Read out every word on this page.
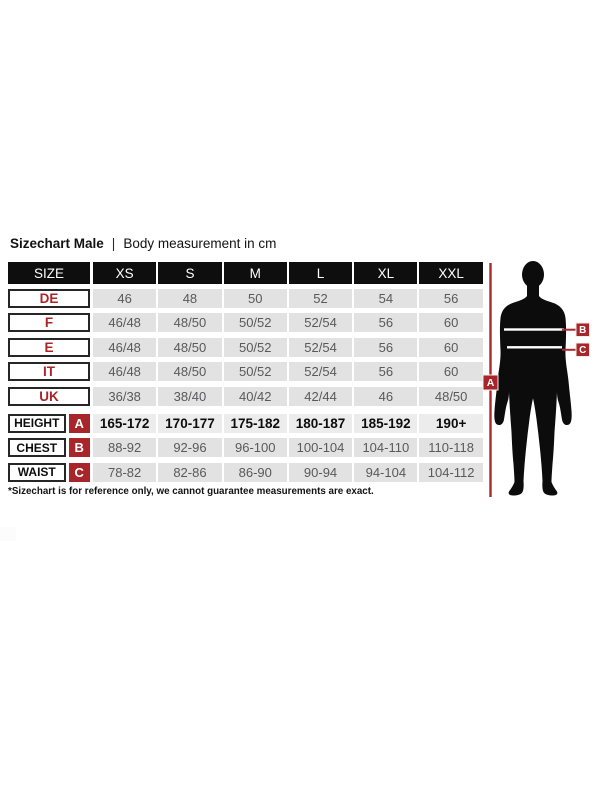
Sizechart Male | Body measurement in cm
SIZE	XS	S	M	L	XL	XXL
DE	46	48	50	52	54	56
F	46/48	48/50	50/52	52/54	56	60
E	46/48	48/50	50/52	52/54	56	60
IT	46/48	48/50	50/52	52/54	56	60
UK	36/38	38/40	40/42	42/44	46	48/50
HEIGHT	A	165-172	170-177	175-182	180-187	185-192	190+
CHEST	B	88-92	92-96	96-100	100-104	104-110	110-118
WAIST	C	78-82	82-86	86-90	90-94	94-104	104-112
A
B
C
*Sizechart is for reference only, we cannot guarantee measurements are exact.
